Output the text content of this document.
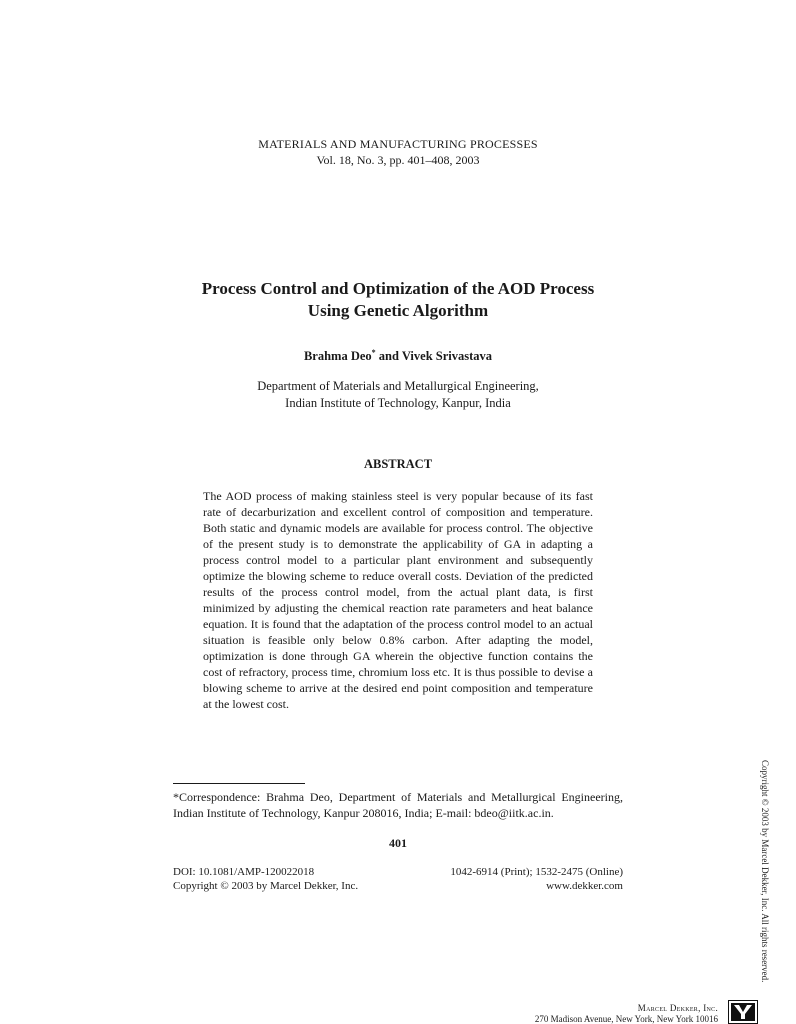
MATERIALS AND MANUFACTURING PROCESSES
Vol. 18, No. 3, pp. 401–408, 2003
Process Control and Optimization of the AOD Process
Using Genetic Algorithm
Brahma Deo* and Vivek Srivastava
Department of Materials and Metallurgical Engineering,
Indian Institute of Technology, Kanpur, India
ABSTRACT
The AOD process of making stainless steel is very popular because of its fast rate of decarburization and excellent control of composition and temperature. Both static and dynamic models are available for process control. The objective of the present study is to demonstrate the applicability of GA in adapting a process control model to a particular plant environment and subsequently optimize the blowing scheme to reduce overall costs. Deviation of the predicted results of the process control model, from the actual plant data, is first minimized by adjusting the chemical reaction rate parameters and heat balance equation. It is found that the adaptation of the process control model to an actual situation is feasible only below 0.8% carbon. After adapting the model, optimization is done through GA wherein the objective function contains the cost of refractory, process time, chromium loss etc. It is thus possible to devise a blowing scheme to arrive at the desired end point composition and temperature at the lowest cost.
*Correspondence: Brahma Deo, Department of Materials and Metallurgical Engineering, Indian Institute of Technology, Kanpur 208016, India; E-mail: bdeo@iitk.ac.in.
401
DOI: 10.1081/AMP-120022018
Copyright © 2003 by Marcel Dekker, Inc.
1042-6914 (Print); 1532-2475 (Online)
www.dekker.com	Copyright © 2003 by Marcel Dekker, Inc. All rights reserved.
Marcel Dekker, Inc.
270 Madison Avenue, New York, New York 10016
